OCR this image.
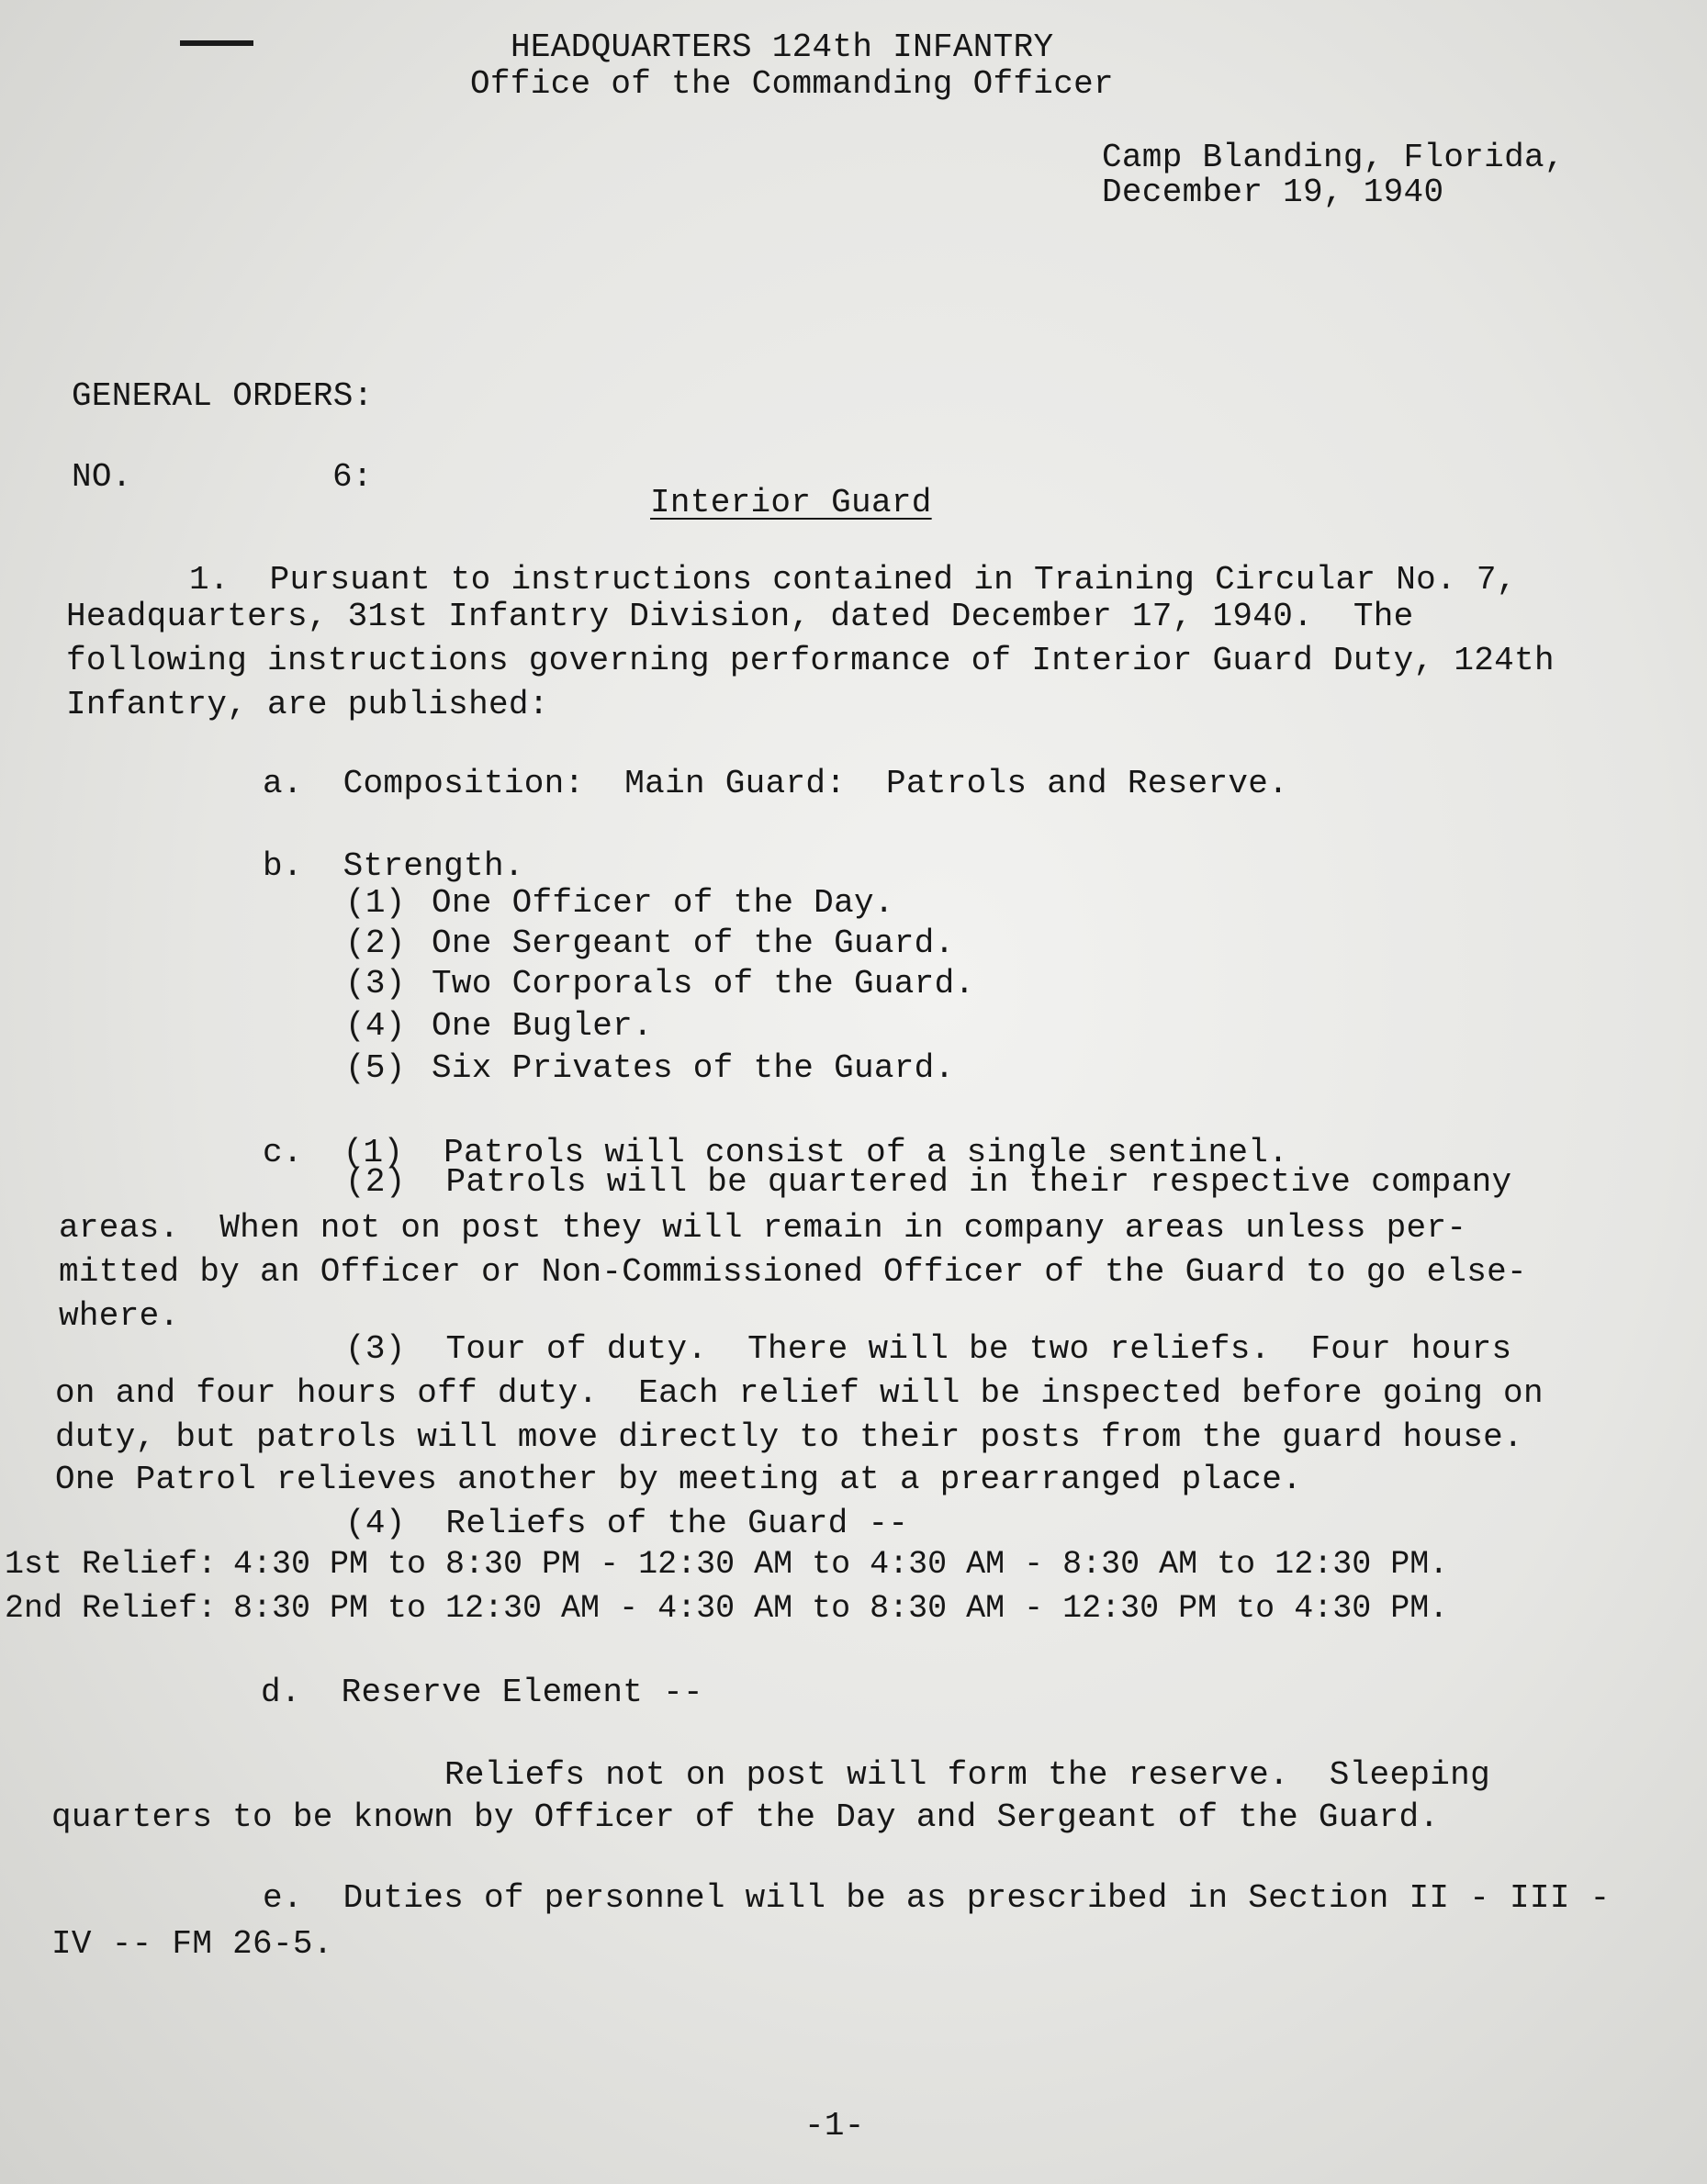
HEADQUARTERS 124th INFANTRY
Office of the Commanding Officer
Camp Blanding, Florida,
December 19, 1940
GENERAL ORDERS:
NO.	6:
Interior Guard
1.  Pursuant to instructions contained in Training Circular No. 7,
Headquarters, 31st Infantry Division, dated December 17, 1940.  The
following instructions governing performance of Interior Guard Duty, 124th
Infantry, are published:
a.  Composition:  Main Guard:  Patrols and Reserve.
b.  Strength.
(1) One Officer of the Day.
(2) One Sergeant of the Guard.
(3) Two Corporals of the Guard.
(4) One Bugler.
(5) Six Privates of the Guard.
c.  (1)  Patrols will consist of a single sentinel.
(2)  Patrols will be quartered in their respective company
areas.  When not on post they will remain in company areas unless per-
mitted by an Officer or Non-Commissioned Officer of the Guard to go else-
where.
(3)  Tour of duty.  There will be two reliefs.  Four hours
on and four hours off duty.  Each relief will be inspected before going on
duty, but patrols will move directly to their posts from the guard house.
One Patrol relieves another by meeting at a prearranged place.
(4)  Reliefs of the Guard --
1st Relief: 4:30 PM to 8:30 PM - 12:30 AM to 4:30 AM - 8:30 AM to 12:30 PM.
2nd Relief: 8:30 PM to 12:30 AM - 4:30 AM to 8:30 AM - 12:30 PM to 4:30 PM.
d.  Reserve Element --
Reliefs not on post will form the reserve.  Sleeping
quarters to be known by Officer of the Day and Sergeant of the Guard.
e.  Duties of personnel will be as prescribed in Section II - III -
IV -- FM 26-5.
-1-
